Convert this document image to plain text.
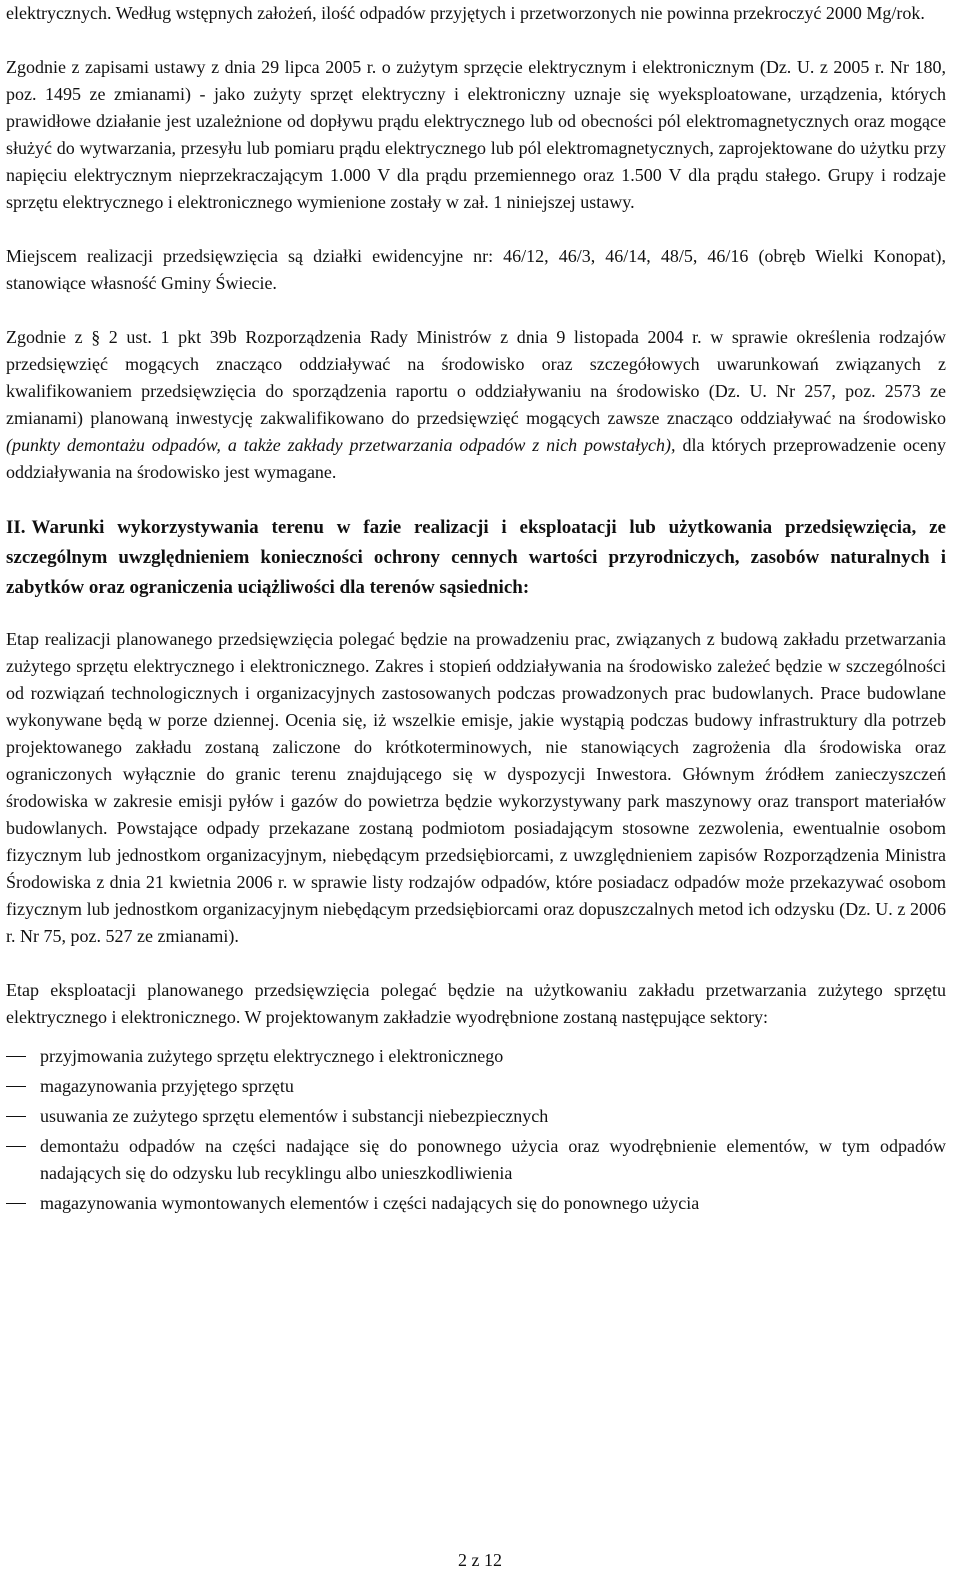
elektrycznych. Według wstępnych założeń, ilość odpadów przyjętych i przetworzonych nie powinna przekroczyć 2000 Mg/rok.

Zgodnie z zapisami ustawy z dnia 29 lipca 2005 r. o zużytym sprzęcie elektrycznym i elektronicznym (Dz. U. z 2005 r. Nr 180, poz. 1495 ze zmianami) - jako zużyty sprzęt elektryczny i elektroniczny uznaje się wyeksploatowane, urządzenia, których prawidłowe działanie jest uzależnione od dopływu prądu elektrycznego lub od obecności pól elektromagnetycznych oraz mogące służyć do wytwarzania, przesyłu lub pomiaru prądu elektrycznego lub pól elektromagnetycznych, zaprojektowane do użytku przy napięciu elektrycznym nieprzekraczającym 1.000 V dla prądu przemiennego oraz 1.500 V dla prądu stałego. Grupy i rodzaje sprzętu elektrycznego i elektronicznego wymienione zostały w zał. 1 niniejszej ustawy.

Miejscem realizacji przedsięwzięcia są działki ewidencyjne nr: 46/12, 46/3, 46/14, 48/5, 46/16 (obręb Wielki Konopat), stanowiące własność Gminy Świecie.

Zgodnie z § 2 ust. 1 pkt 39b Rozporządzenia Rady Ministrów z dnia 9 listopada 2004 r. w sprawie określenia rodzajów przedsięwzięć mogących znacząco oddziaływać na środowisko oraz szczegółowych uwarunkowań związanych z kwalifikowaniem przedsięwzięcia do sporządzenia raportu o oddziaływaniu na środowisko (Dz. U. Nr 257, poz. 2573 ze zmianami) planowaną inwestycję zakwalifikowano do przedsięwzięć mogących zawsze znacząco oddziaływać na środowisko (punkty demontażu odpadów, a także zakłady przetwarzania odpadów z nich powstałych), dla których przeprowadzenie oceny oddziaływania na środowisko jest wymagane.

II. Warunki wykorzystywania terenu w fazie realizacji i eksploatacji lub użytkowania przedsięwzięcia, ze szczególnym uwzględnieniem konieczności ochrony cennych wartości przyrodniczych, zasobów naturalnych i zabytków oraz ograniczenia uciążliwości dla terenów sąsiednich:

Etap realizacji planowanego przedsięwzięcia polegać będzie na prowadzeniu prac, związanych z budową zakładu przetwarzania zużytego sprzętu elektrycznego i elektronicznego. Zakres i stopień oddziaływania na środowisko zależeć będzie w szczególności od rozwiązań technologicznych i organizacyjnych zastosowanych podczas prowadzonych prac budowlanych. Prace budowlane wykonywane będą w porze dziennej. Ocenia się, iż wszelkie emisje, jakie wystąpią podczas budowy infrastruktury dla potrzeb projektowanego zakładu zostaną zaliczone do krótkoterminowych, nie stanowiących zagrożenia dla środowiska oraz ograniczonych wyłącznie do granic terenu znajdującego się w dyspozycji Inwestora. Głównym źródłem zanieczyszczeń środowiska w zakresie emisji pyłów i gazów do powietrza będzie wykorzystywany park maszynowy oraz transport materiałów budowlanych. Powstające odpady przekazane zostaną podmiotom posiadającym stosowne zezwolenia, ewentualnie osobom fizycznym lub jednostkom organizacyjnym, niebędącym przedsiębiorcami, z uwzględnieniem zapisów Rozporządzenia Ministra Środowiska z dnia 21 kwietnia 2006 r. w sprawie listy rodzajów odpadów, które posiadacz odpadów może przekazywać osobom fizycznym lub jednostkom organizacyjnym niebędącym przedsiębiorcami oraz dopuszczalnych metod ich odzysku (Dz. U. z 2006 r. Nr 75, poz. 527 ze zmianami).

Etap eksploatacji planowanego przedsięwzięcia polegać będzie na użytkowaniu zakładu przetwarzania zużytego sprzętu elektrycznego i elektronicznego. W projektowanym zakładzie wyodrębnione zostaną następujące sektory:

przyjmowania zużytego sprzętu elektrycznego i elektronicznego
magazynowania przyjętego sprzętu
usuwania ze zużytego sprzętu elementów i substancji niebezpiecznych
demontażu odpadów na części nadające się do ponownego użycia oraz wyodrębnienie elementów, w tym odpadów nadających się do odzysku lub recyklingu albo unieszkodliwienia
magazynowania wymontowanych elementów i części nadających się do ponownego użycia
2 z 12
